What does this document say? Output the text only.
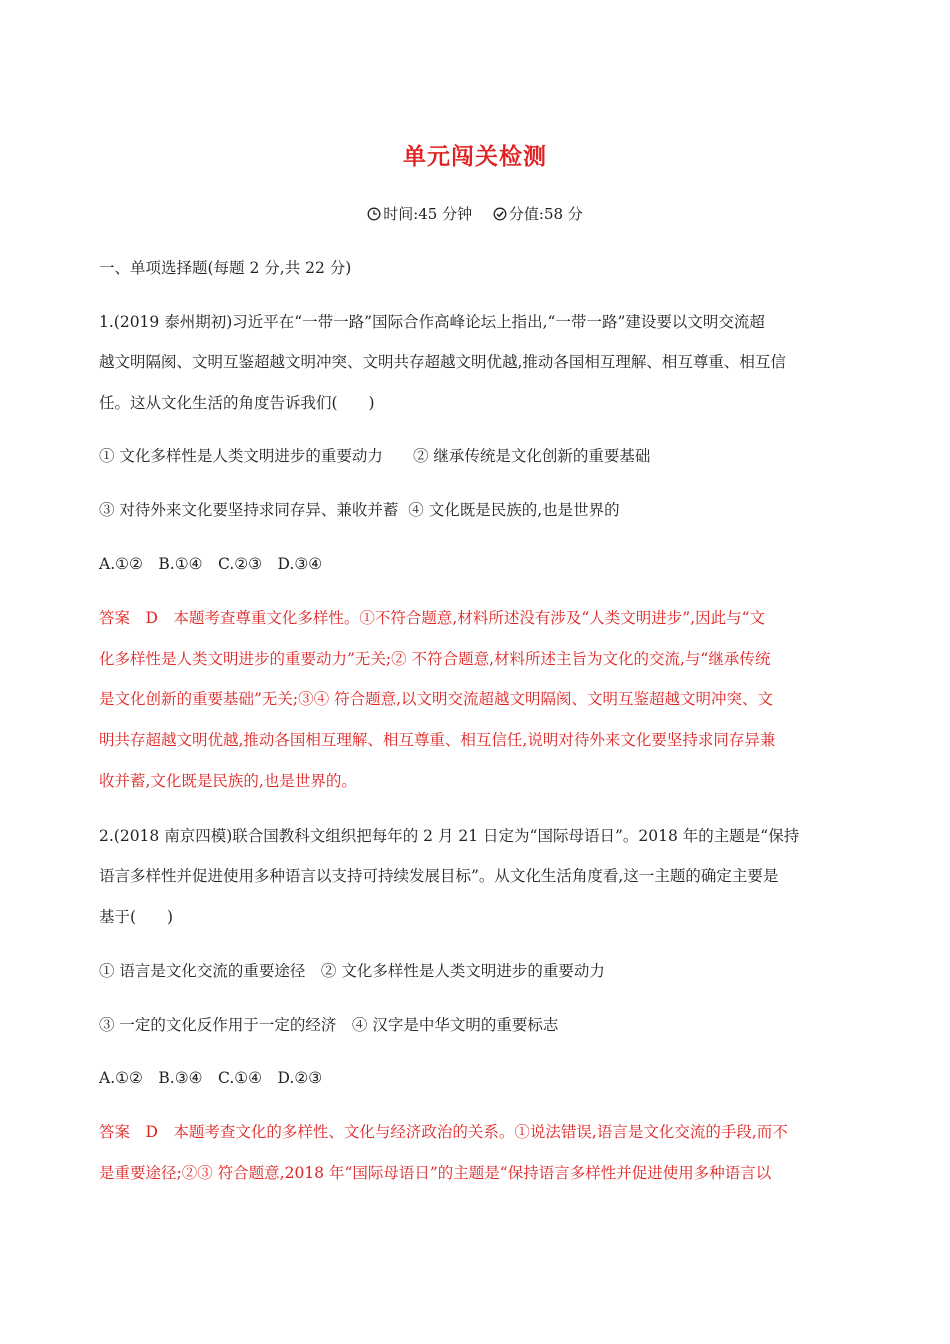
单元闯关检测
时间:45 分钟 分值:58 分
一、单项选择题(每题 2 分,共 22 分)
1.(2019 泰州期初)习近平在“一带一路”国际合作高峰论坛上指出,“一带一路”建设要以文明交流超
越文明隔阂、文明互鉴超越文明冲突、文明共存超越文明优越,推动各国相互理解、相互尊重、相互信
任。这从文化生活的角度告诉我们(　　)
① 文化多样性是人类文明进步的重要动力 ② 继承传统是文化创新的重要基础
③ 对待外来文化要坚持求同存异、兼收并蓄 ④ 文化既是民族的,也是世界的
A.①②　B.①④　C.②③　D.③④
答案　D　本题考查尊重文化多样性。①不符合题意,材料所述没有涉及“人类文明进步”,因此与“文
化多样性是人类文明进步的重要动力”无关;② 不符合题意,材料所述主旨为文化的交流,与“继承传统
是文化创新的重要基础”无关;③④ 符合题意,以文明交流超越文明隔阂、文明互鉴超越文明冲突、文
明共存超越文明优越,推动各国相互理解、相互尊重、相互信任,说明对待外来文化要坚持求同存异兼
收并蓄,文化既是民族的,也是世界的。
2.(2018 南京四模)联合国教科文组织把每年的 2 月 21 日定为“国际母语日”。2018 年的主题是“保持
语言多样性并促进使用多种语言以支持可持续发展目标”。从文化生活角度看,这一主题的确定主要是
基于(　　)
① 语言是文化交流的重要途径　② 文化多样性是人类文明进步的重要动力
③ 一定的文化反作用于一定的经济　④ 汉字是中华文明的重要标志
A.①②　B.③④　C.①④　D.②③
答案　D　本题考查文化的多样性、文化与经济政治的关系。①说法错误,语言是文化交流的手段,而不
是重要途径;②③ 符合题意,2018 年“国际母语日”的主题是“保持语言多样性并促进使用多种语言以
